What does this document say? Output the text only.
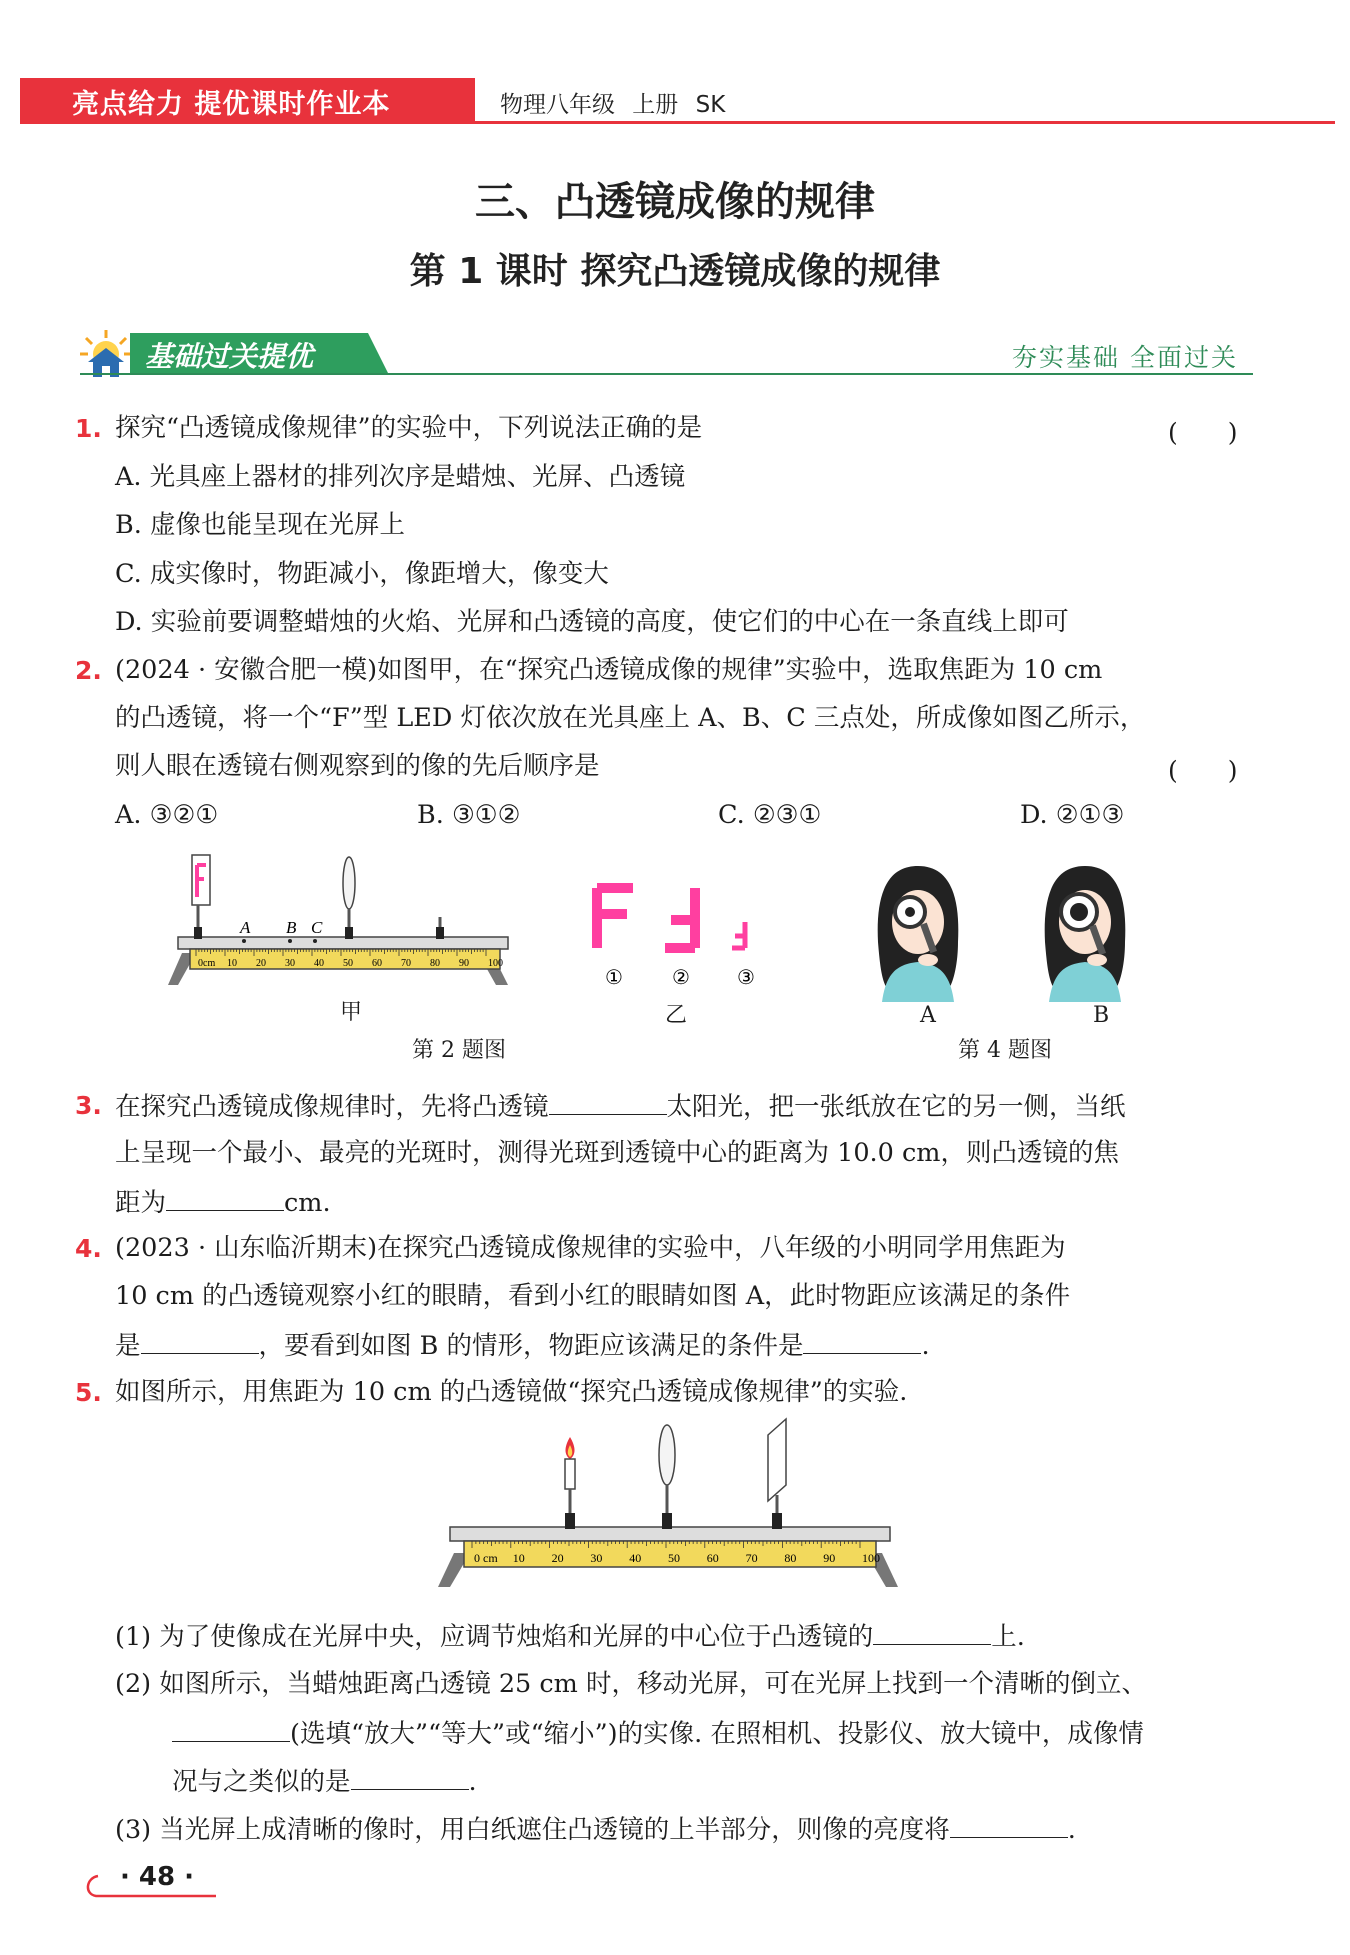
亮点给力 提优课时作业本	物理八年级 上册 SK
三、凸透镜成像的规律
第 1 课时 探究凸透镜成像的规律
基础过关提优	夯实基础 全面过关
1. 探究“凸透镜成像规律”的实验中，下列说法正确的是	(　　)
A. 光具座上器材的排列次序是蜡烛、光屏、凸透镜
B. 虚像也能呈现在光屏上
C. 成实像时，物距减小，像距增大，像变大
D. 实验前要调整蜡烛的火焰、光屏和凸透镜的高度，使它们的中心在一条直线上即可
2. (2024 · 安徽合肥一模)如图甲，在“探究凸透镜成像的规律”实验中，选取焦距为 10 cm
的凸透镜，将一个“F”型 LED 灯依次放在光具座上 A、B、C 三点处，所成像如图乙所示，
则人眼在透镜右侧观察到的像的先后顺序是	(　　)
A. ③②①	B. ③①②	C. ②③①	D. ②①③
0cm 10 20 30 40 50 60 70 80 90 100
A B C
甲
① ② ③
乙
第 2 题图
A	B
第 4 题图
3. 在探究凸透镜成像规律时，先将凸透镜	太阳光，把一张纸放在它的另一侧，当纸
上呈现一个最小、最亮的光斑时，测得光斑到透镜中心的距离为 10.0 cm，则凸透镜的焦
距为	cm.
4. (2023 · 山东临沂期末)在探究凸透镜成像规律的实验中，八年级的小明同学用焦距为
10 cm 的凸透镜观察小红的眼睛，看到小红的眼睛如图 A，此时物距应该满足的条件
是	，要看到如图 B 的情形，物距应该满足的条件是	.
5. 如图所示，用焦距为 10 cm 的凸透镜做“探究凸透镜成像规律”的实验.
0 cm 10 20 30 40 50 60 70 80 90 100
(1) 为了使像成在光屏中央，应调节烛焰和光屏的中心位于凸透镜的	上.
(2) 如图所示，当蜡烛距离凸透镜 25 cm 时，移动光屏，可在光屏上找到一个清晰的倒立、
(选填“放大”“等大”或“缩小”)的实像. 在照相机、投影仪、放大镜中，成像情
况与之类似的是	.
(3) 当光屏上成清晰的像时，用白纸遮住凸透镜的上半部分，则像的亮度将	.
· 48 ·
